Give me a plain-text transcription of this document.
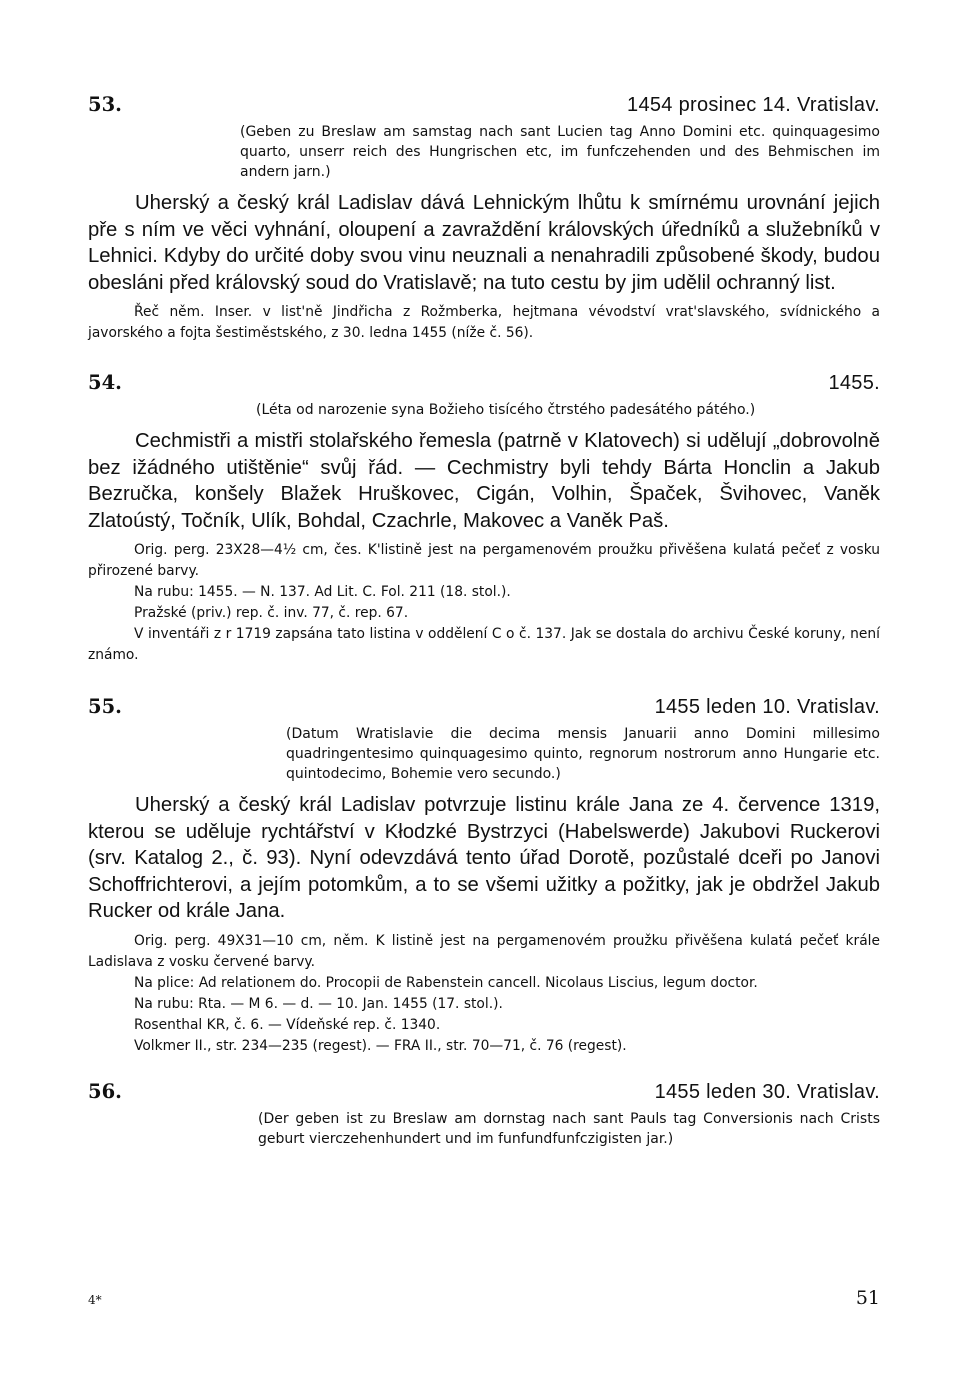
53.	1454 prosinec 14. Vratislav.
(Geben zu Breslaw am samstag nach sant Lucien tag Anno Domini etc. quinquagesimo quarto, unserr reich des Hungrischen etc, im funfczehenden und des Behmischen im andern jarn.)
Uherský a český král Ladislav dává Lehnickým lhůtu k smírnému urovnání jejich pře s ním ve věci vyhnání, oloupení a zavraždění královských úředníků a služebníků v Lehnici. Kdyby do určité doby svou vinu neuznali a nenahradili způsobené škody, budou obesláni před královský soud do Vratislavě; na tuto cestu by jim udělil ochranný list.

Řeč něm. Inser. v list'ně Jindřicha z Rožmberka, hejtmana vévodství vrat'slavského, svídnického a javorského a fojta šestiměstského, z 30. ledna 1455 (níže č. 56).

54.	1455.
(Léta od narozenie syna Božieho tisícého čtrstého padesátého pátého.)
Cechmistři a mistři stolařského řemesla (patrně v Klatovech) si udělují „dobrovolně bez ižádného utištěnie“ svůj řád. — Cechmistry byli tehdy Bárta Honclin a Jakub Bezručka, konšely Blažek Hruškovec, Cigán, Volhin, Špaček, Švihovec, Vaněk Zlatoústý, Točník, Ulík, Bohdal, Czachrle, Makovec a Vaněk Paš.

Orig. perg. 23X28—4½ cm, čes. K'listině jest na pergamenovém proužku přivěšena kulatá pečeť z vosku přirozené barvy.

Na rubu: 1455. — N. 137. Ad Lit. C. Fol. 211 (18. stol.).

Pražské (priv.) rep. č. inv. 77, č. rep. 67.

V inventáři z r 1719 zapsána tato listina v oddělení C o č. 137. Jak se dostala do archivu České koruny, není známo.

55.	1455 leden 10. Vratislav.
(Datum Wratislavie die decima mensis Januarii anno Domini millesimo quadringentesimo quinquagesimo quinto, regnorum nostrorum anno Hungarie etc. quintodecimo, Bohemie vero secundo.)
Uherský a český král Ladislav potvrzuje listinu krále Jana ze 4. července 1319, kterou se uděluje rychtářství v Kłodzké Bystrzyci (Habelswerde) Jakubovi Ruckerovi (srv. Katalog 2., č. 93). Nyní odevzdává tento úřad Dorotě, pozůstalé dceři po Janovi Schoffrichterovi, a jejím potomkům, a to se všemi užitky a požitky, jak je obdržel Jakub Rucker od krále Jana.

Orig. perg. 49X31—10 cm, něm. K listině jest na pergamenovém proužku přivěšena kulatá pečeť krále Ladislava z vosku červené barvy.

Na plice: Ad relationem do. Procopii de Rabenstein cancell. Nicolaus Liscius, legum doctor.

Na rubu: Rta. — M 6. — d. — 10. Jan. 1455 (17. stol.).

Rosenthal KR, č. 6. — Vídeňské rep. č. 1340.

Volkmer II., str. 234—235 (regest). — FRA II., str. 70—71, č. 76 (regest).

56.	1455 leden 30. Vratislav.
(Der geben ist zu Breslaw am dornstag nach sant Pauls tag Conversionis nach Crists geburt vierczehenhundert und im funfundfunfczigisten jar.)
4*	51
